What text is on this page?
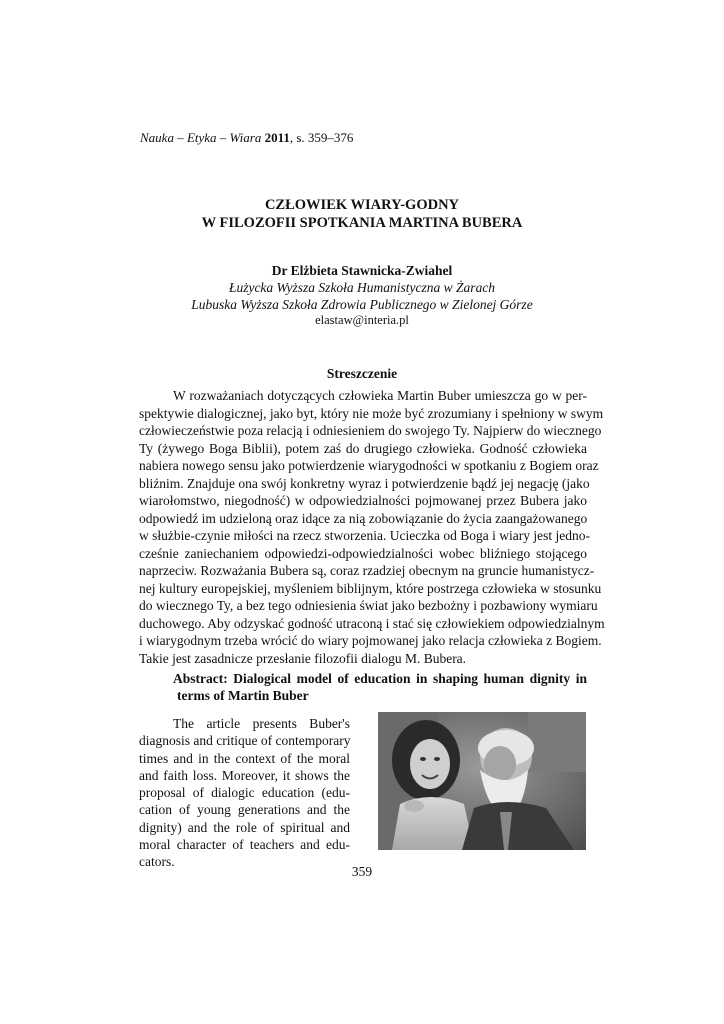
Nauka – Etyka – Wiara 2011, s. 359–376
CZŁOWIEK WIARY-GODNY
W FILOZOFII SPOTKANIA MARTINA BUBERA
Dr Elżbieta Stawnicka-Zwiahel
Łużycka Wyższa Szkoła Humanistyczna w Żarach
Lubuska Wyższa Szkoła Zdrowia Publicznego w Zielonej Górze
elastaw@interia.pl
Streszczenie
W rozważaniach dotyczących człowieka Martin Buber umieszcza go w per-
spektywie dialogicznej, jako byt, który nie może być zrozumiany i spełniony w swym
człowieczeństwie poza relacją i odniesieniem do swojego Ty. Najpierw do wiecznego
Ty (żywego Boga Biblii), potem zaś do drugiego człowieka. Godność człowieka
nabiera nowego sensu jako potwierdzenie wiarygodności w spotkaniu z Bogiem oraz
bliźnim. Znajduje ona swój konkretny wyraz i potwierdzenie bądź jej negację (jako
wiarołomstwo, niegodność) w odpowiedzialności pojmowanej przez Bubera jako
odpowiedź im udzieloną oraz idące za nią zobowiązanie do życia zaangażowanego
w służbie-czynie miłości na rzecz stworzenia. Ucieczka od Boga i wiary jest jedno-
cześnie zaniechaniem odpowiedzi-odpowiedzialności wobec bliźniego stojącego
naprzeciw. Rozważania Bubera są, coraz rzadziej obecnym na gruncie humanistycz-
nej kultury europejskiej, myśleniem biblijnym, które postrzega człowieka w stosunku
do wiecznego Ty, a bez tego odniesienia świat jako bezbożny i pozbawiony wymiaru
duchowego. Aby odzyskać godność utraconą i stać się człowiekiem odpowiedzialnym
i wiarygodnym trzeba wrócić do wiary pojmowanej jako relacja człowieka z Bogiem.
Takie jest zasadnicze przesłanie filozofii dialogu M. Bubera.
Abstract: Dialogical model of education in shaping human dignity in
terms of Martin Buber
The article presents Buber's
diagnosis and critique of contemporary
times and in the context of the moral
and faith loss. Moreover, it shows the
proposal of dialogic education (edu-
cation of young generations and the
dignity) and the role of spiritual and
moral character of teachers and edu-
cators.
359
